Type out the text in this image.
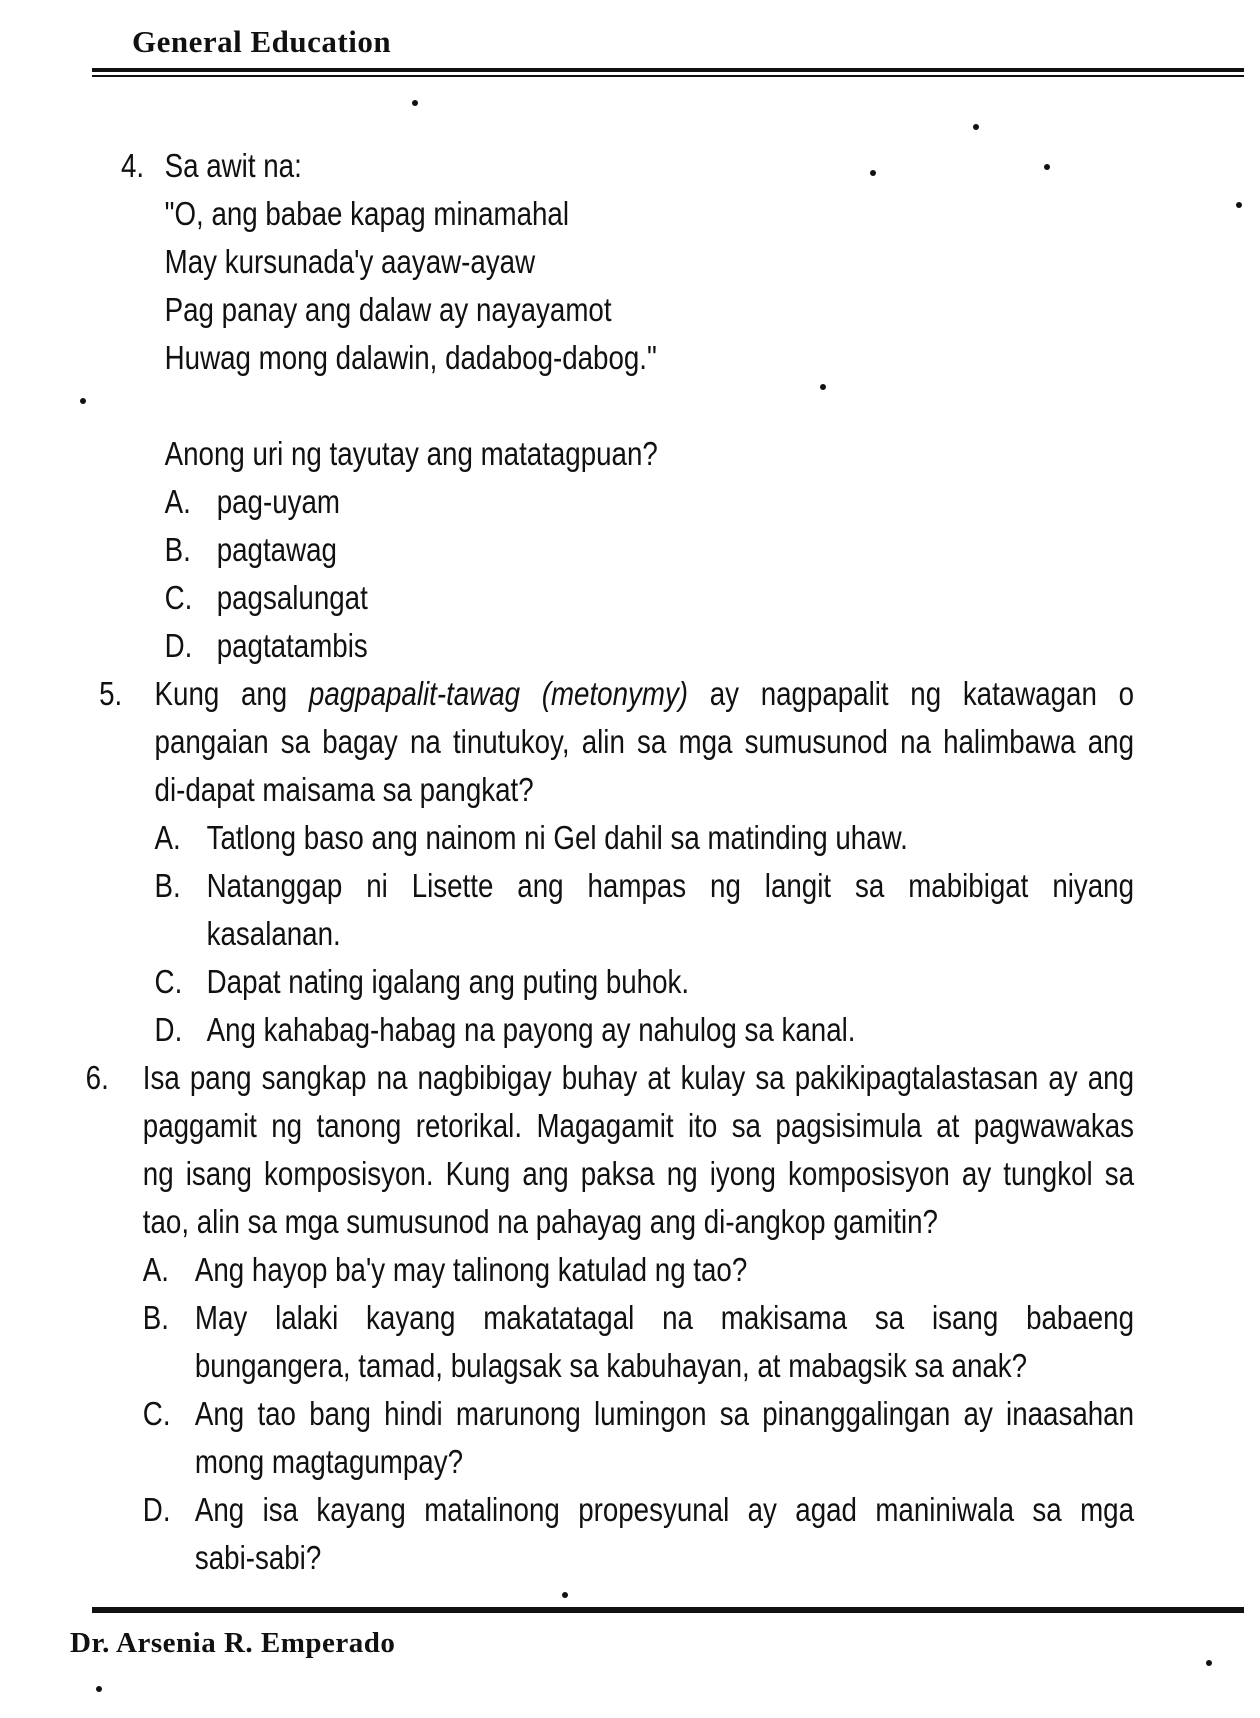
General Education
4. Sa awit na:
"O, ang babae kapag minamahal
May kursunada'y aayaw-ayaw
Pag panay ang dalaw ay nayayamot
Huwag mong dalawin, dadabog-dabog."
Anong uri ng tayutay ang matatagpuan?
A. pag-uyam
B. pagtawag
C. pagsalungat
D. pagtatambis
5. Kung ang pagpapalit-tawag (metonymy) ay nagpapalit ng katawagan o
pangaian sa bagay na tinutukoy, alin sa mga sumusunod na halimbawa ang
di-dapat maisama sa pangkat?
A. Tatlong baso ang nainom ni Gel dahil sa matinding uhaw.
B. Natanggap ni Lisette ang hampas ng langit sa mabibigat niyang
kasalanan.
C. Dapat nating igalang ang puting buhok.
D. Ang kahabag-habag na payong ay nahulog sa kanal.
6. Isa pang sangkap na nagbibigay buhay at kulay sa pakikipagtalastasan ay ang
paggamit ng tanong retorikal. Magagamit ito sa pagsisimula at pagwawakas
ng isang komposisyon. Kung ang paksa ng iyong komposisyon ay tungkol sa
tao, alin sa mga sumusunod na pahayag ang di-angkop gamitin?
A. Ang hayop ba'y may talinong katulad ng tao?
B. May lalaki kayang makatatagal na makisama sa isang babaeng
bungangera, tamad, bulagsak sa kabuhayan, at mabagsik sa anak?
C. Ang tao bang hindi marunong lumingon sa pinanggalingan ay inaasahan
mong magtagumpay?
D. Ang isa kayang matalinong propesyunal ay agad maniniwala sa mga
sabi-sabi?
Dr. Arsenia R. Emperado
